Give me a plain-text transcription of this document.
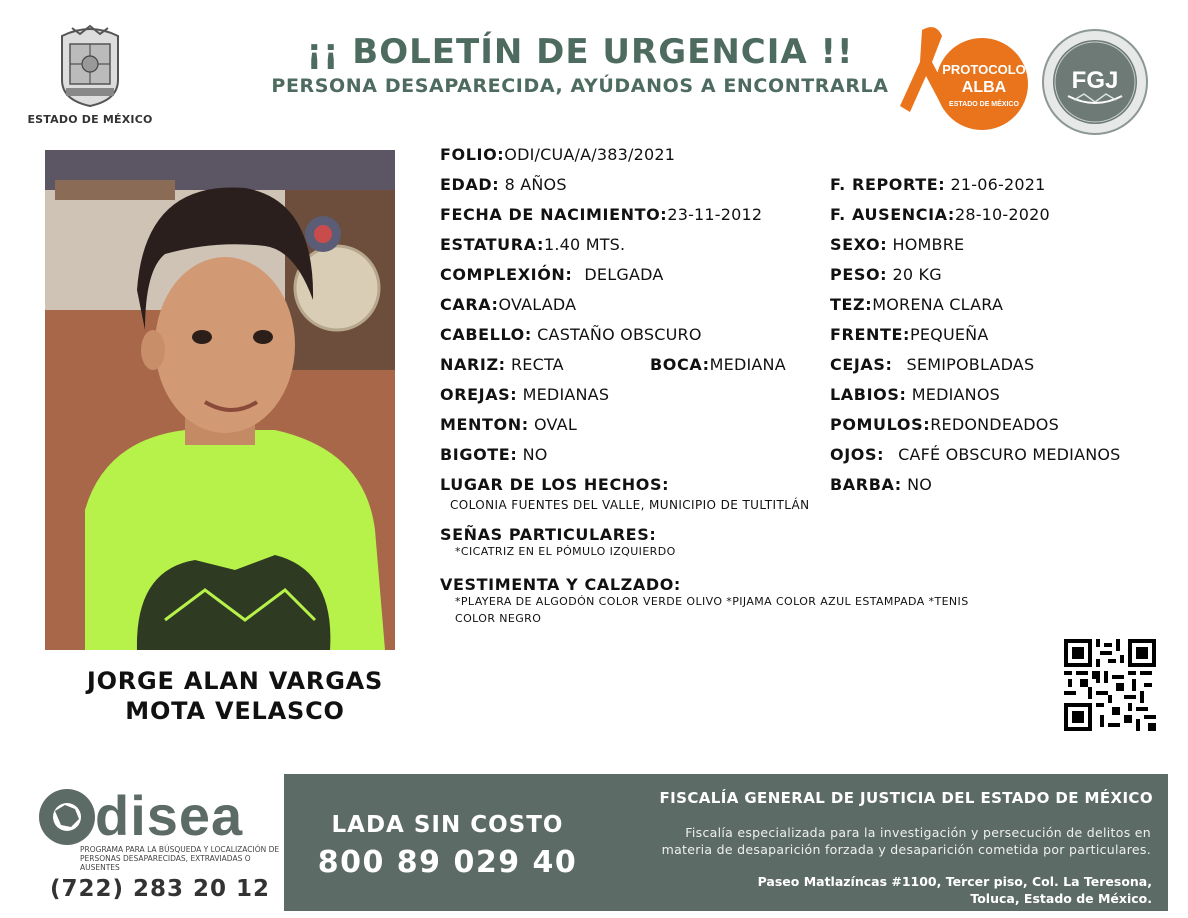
ESTADO DE MÉXICO
¡¡ BOLETÍN DE URGENCIA !!
PERSONA DESAPARECIDA, AYÚDANOS A ENCONTRARLA
PROTOCOLO
ALBA
ESTADO DE MÉXICO
FGJ
JORGE ALAN VARGAS
MOTA VELASCO
FOLIO:ODI/CUA/A/383/2021
EDAD: 8 AÑOS	F. REPORTE: 21-06-2021
FECHA DE NACIMIENTO:23-11-2012	F. AUSENCIA:28-10-2020
ESTATURA:1.40 MTS.	SEXO: HOMBRE
COMPLEXIÓN: DELGADA	PESO: 20 KG
CARA:OVALADA	TEZ:MORENA CLARA
CABELLO: CASTAÑO OBSCURO	FRENTE:PEQUEÑA
NARIZ: RECTA	BOCA:MEDIANA	CEJAS: SEMIPOBLADAS
OREJAS: MEDIANAS	LABIOS: MEDIANOS
MENTON: OVAL	POMULOS:REDONDEADOS
BIGOTE: NO	OJOS: CAFÉ OBSCURO MEDIANOS
LUGAR DE LOS HECHOS:	BARBA: NO
COLONIA FUENTES DEL VALLE, MUNICIPIO DE TULTITLÁN
SEÑAS PARTICULARES:
*CICATRIZ EN EL PÓMULO IZQUIERDO
VESTIMENTA Y CALZADO:
*PLAYERA DE ALGODÓN COLOR VERDE OLIVO *PIJAMA COLOR AZUL ESTAMPADA *TENIS
COLOR NEGRO
disea
PROGRAMA PARA LA BÚSQUEDA Y LOCALIZACIÓN DE PERSONAS DESAPARECIDAS, EXTRAVIADAS O AUSENTES
(722) 283 20 12
LADA SIN COSTO
800 89 029 40
FISCALÍA GENERAL DE JUSTICIA DEL ESTADO DE MÉXICO
Fiscalía especializada para la investigación y persecución de delitos en
materia de desaparición forzada y desaparición cometida por particulares.
Paseo Matlazíncas #1100, Tercer piso, Col. La Teresona,
Toluca, Estado de México.
